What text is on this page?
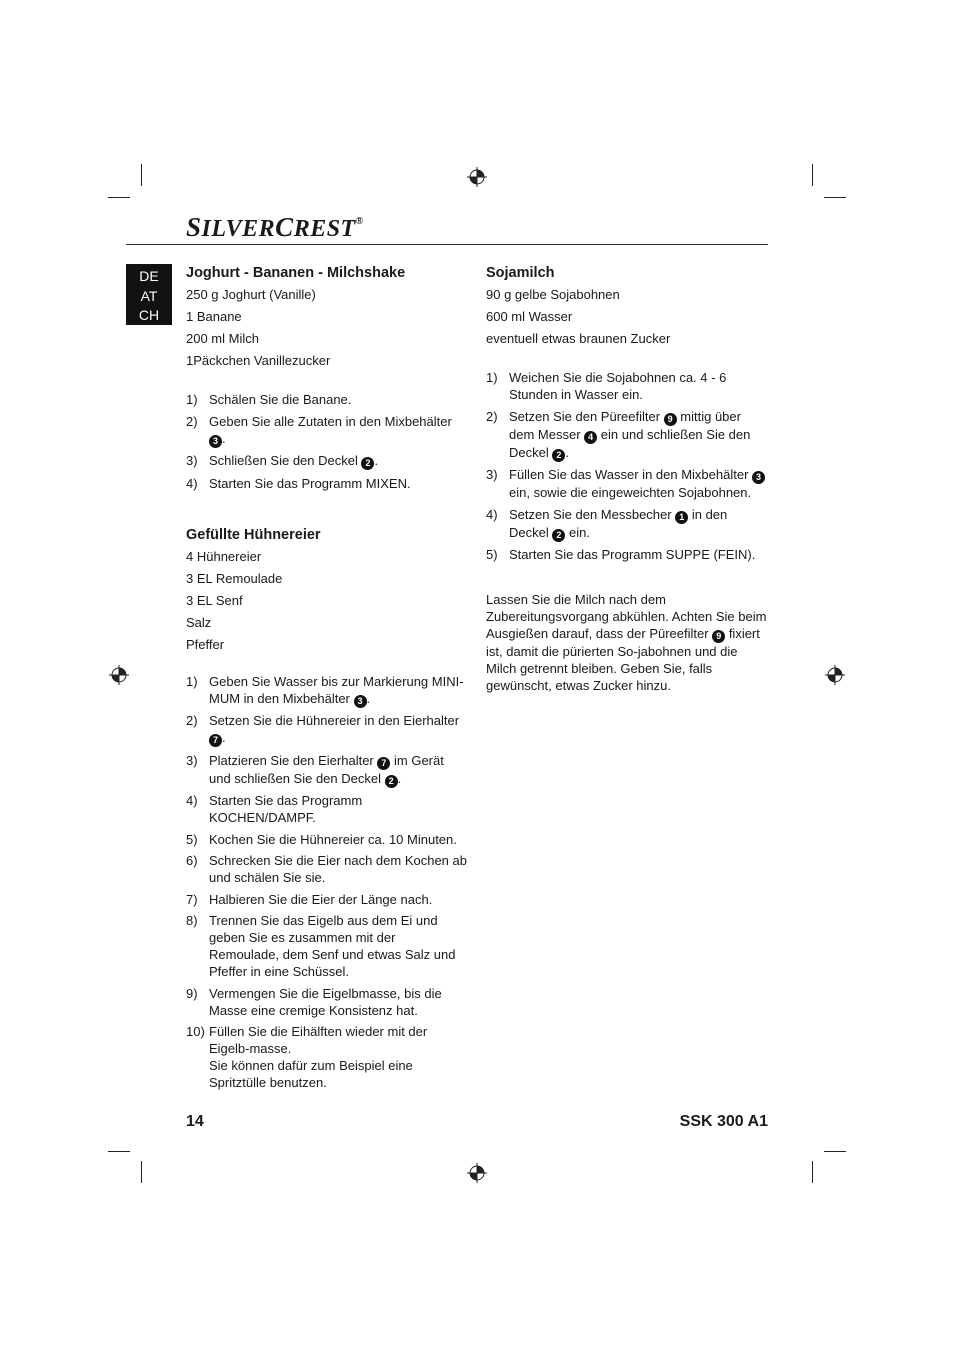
SILVERCREST®
DE
AT
CH
Joghurt - Bananen - Milchshake
250 g Joghurt (Vanille)
1 Banane
200 ml Milch
1Päckchen Vanillezucker
1) Schälen Sie die Banane.
2) Geben Sie alle Zutaten in den Mixbehälter 3 .
3) Schließen Sie den Deckel 2 .
4) Starten Sie das Programm MIXEN.
Gefüllte Hühnereier
4 Hühnereier
3 EL Remoulade
3 EL Senf
Salz
Pfeffer
1) Geben Sie Wasser bis zur Markierung MINI-MUM in den Mixbehälter 3 .
2) Setzen Sie die Hühnereier in den Eierhalter 7 .
3) Platzieren Sie den Eierhalter 7 im Gerät und schließen Sie den Deckel 2 .
4) Starten Sie das Programm KOCHEN/DAMPF.
5) Kochen Sie die Hühnereier ca. 10 Minuten.
6) Schrecken Sie die Eier nach dem Kochen ab und schälen Sie sie.
7) Halbieren Sie die Eier der Länge nach.
8) Trennen Sie das Eigelb aus dem Ei und geben Sie es zusammen mit der Remoulade, dem Senf und etwas Salz und Pfeffer in eine Schüssel.
9) Vermengen Sie die Eigelbmasse, bis die Masse eine cremige Konsistenz hat.
10) Füllen Sie die Eihälften wieder mit der Eigelb-masse.
Sie können dafür zum Beispiel eine Spritztülle benutzen.
Sojamilch
90 g gelbe Sojabohnen
600 ml Wasser
eventuell etwas braunen Zucker
1) Weichen Sie die Sojabohnen ca. 4 - 6 Stunden in Wasser ein.
2) Setzen Sie den Püreefilter 9 mittig über dem Messer 4 ein und schließen Sie den Deckel 2 .
3) Füllen Sie das Wasser in den Mixbehälter 3 ein, sowie die eingeweichten Sojabohnen.
4) Setzen Sie den Messbecher 1 in den Deckel 2 ein.
5) Starten Sie das Programm SUPPE (FEIN).

Lassen Sie die Milch nach dem Zubereitungsvorgang abkühlen. Achten Sie beim Ausgießen darauf, dass der Püreefilter 9 fixiert ist, damit die pürierten So-jabohnen und die Milch getrennt bleiben. Geben Sie, falls gewünscht, etwas Zucker hinzu.

14	SSK 300 A1
